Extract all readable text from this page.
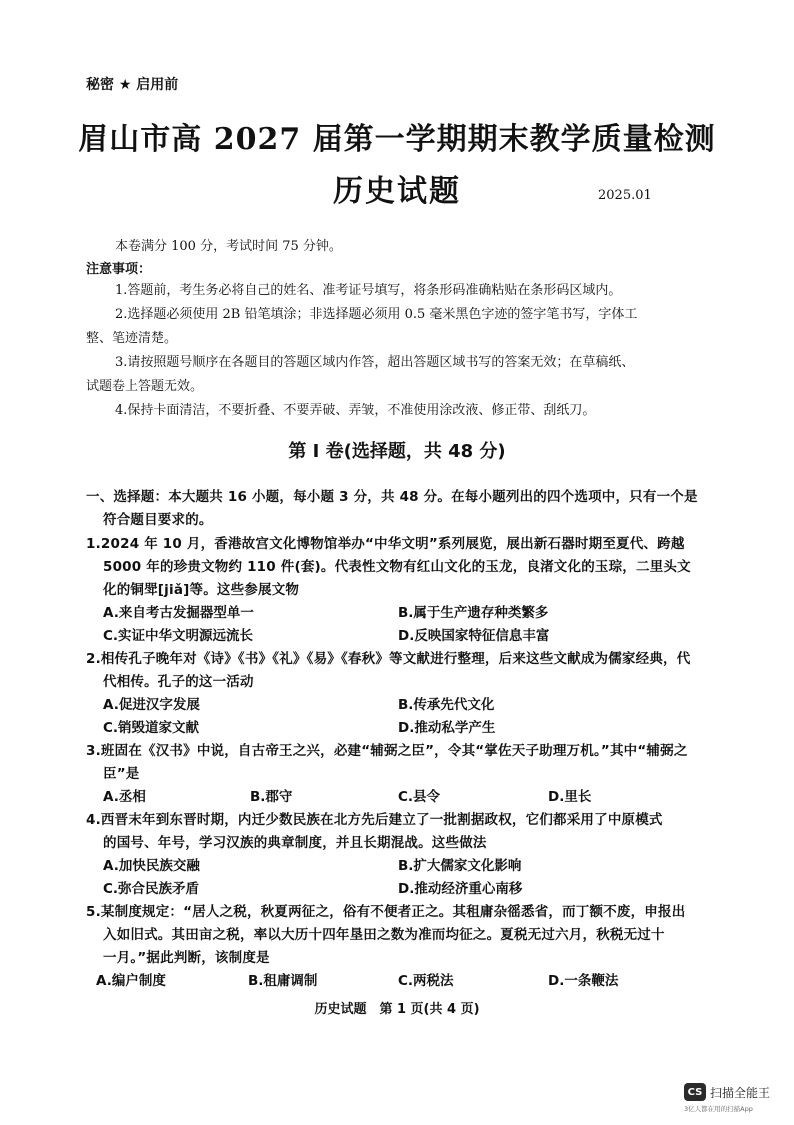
秘密 ★ 启用前
眉山市高 2027 届第一学期期末教学质量检测
历史试题	2025.01
本卷满分 100 分，考试时间 75 分钟。
注意事项：
1.答题前，考生务必将自己的姓名、准考证号填写，将条形码准确粘贴在条形码区域内。
2.选择题必须使用 2B 铅笔填涂；非选择题必须用 0.5 毫米黑色字迹的签字笔书写，字体工
整、笔迹清楚。
3.请按照题号顺序在各题目的答题区域内作答，超出答题区域书写的答案无效；在草稿纸、
试题卷上答题无效。
4.保持卡面清洁，不要折叠、不要弄破、弄皱，不准使用涂改液、修正带、刮纸刀。
第 Ⅰ 卷(选择题，共 48 分)
一、选择题：本大题共 16 小题，每小题 3 分，共 48 分。在每小题列出的四个选项中，只有一个是
符合题目要求的。
1.2024 年 10 月，香港故宫文化博物馆举办“中华文明”系列展览，展出新石器时期至夏代、跨越
5000 年的珍贵文物约 110 件(套)。代表性文物有红山文化的玉龙，良渚文化的玉琮，二里头文
化的铜斝[jiǎ]等。这些参展文物
A.来自考古发掘器型单一	B.属于生产遗存种类繁多
C.实证中华文明源远流长	D.反映国家特征信息丰富
2.相传孔子晚年对《诗》《书》《礼》《易》《春秋》等文献进行整理，后来这些文献成为儒家经典，代
代相传。孔子的这一活动
A.促进汉字发展	B.传承先代文化
C.销毁道家文献	D.推动私学产生
3.班固在《汉书》中说，自古帝王之兴，必建“辅弼之臣”，令其“掌佐天子助理万机。”其中“辅弼之
臣”是
A.丞相	B.郡守	C.县令	D.里长
4.西晋末年到东晋时期，内迁少数民族在北方先后建立了一批割据政权，它们都采用了中原模式
的国号、年号，学习汉族的典章制度，并且长期混战。这些做法
A.加快民族交融	B.扩大儒家文化影响
C.弥合民族矛盾	D.推动经济重心南移
5.某制度规定：“居人之税，秋夏两征之，俗有不便者正之。其租庸杂徭悉省，而丁额不废，申报出
入如旧式。其田亩之税，率以大历十四年垦田之数为准而均征之。夏税无过六月，秋税无过十
一月。”据此判断，该制度是
A.编户制度	B.租庸调制	C.两税法	D.一条鞭法
历史试题　第 1 页(共 4 页)
CS 扫描全能王
3亿人都在用的扫描App
